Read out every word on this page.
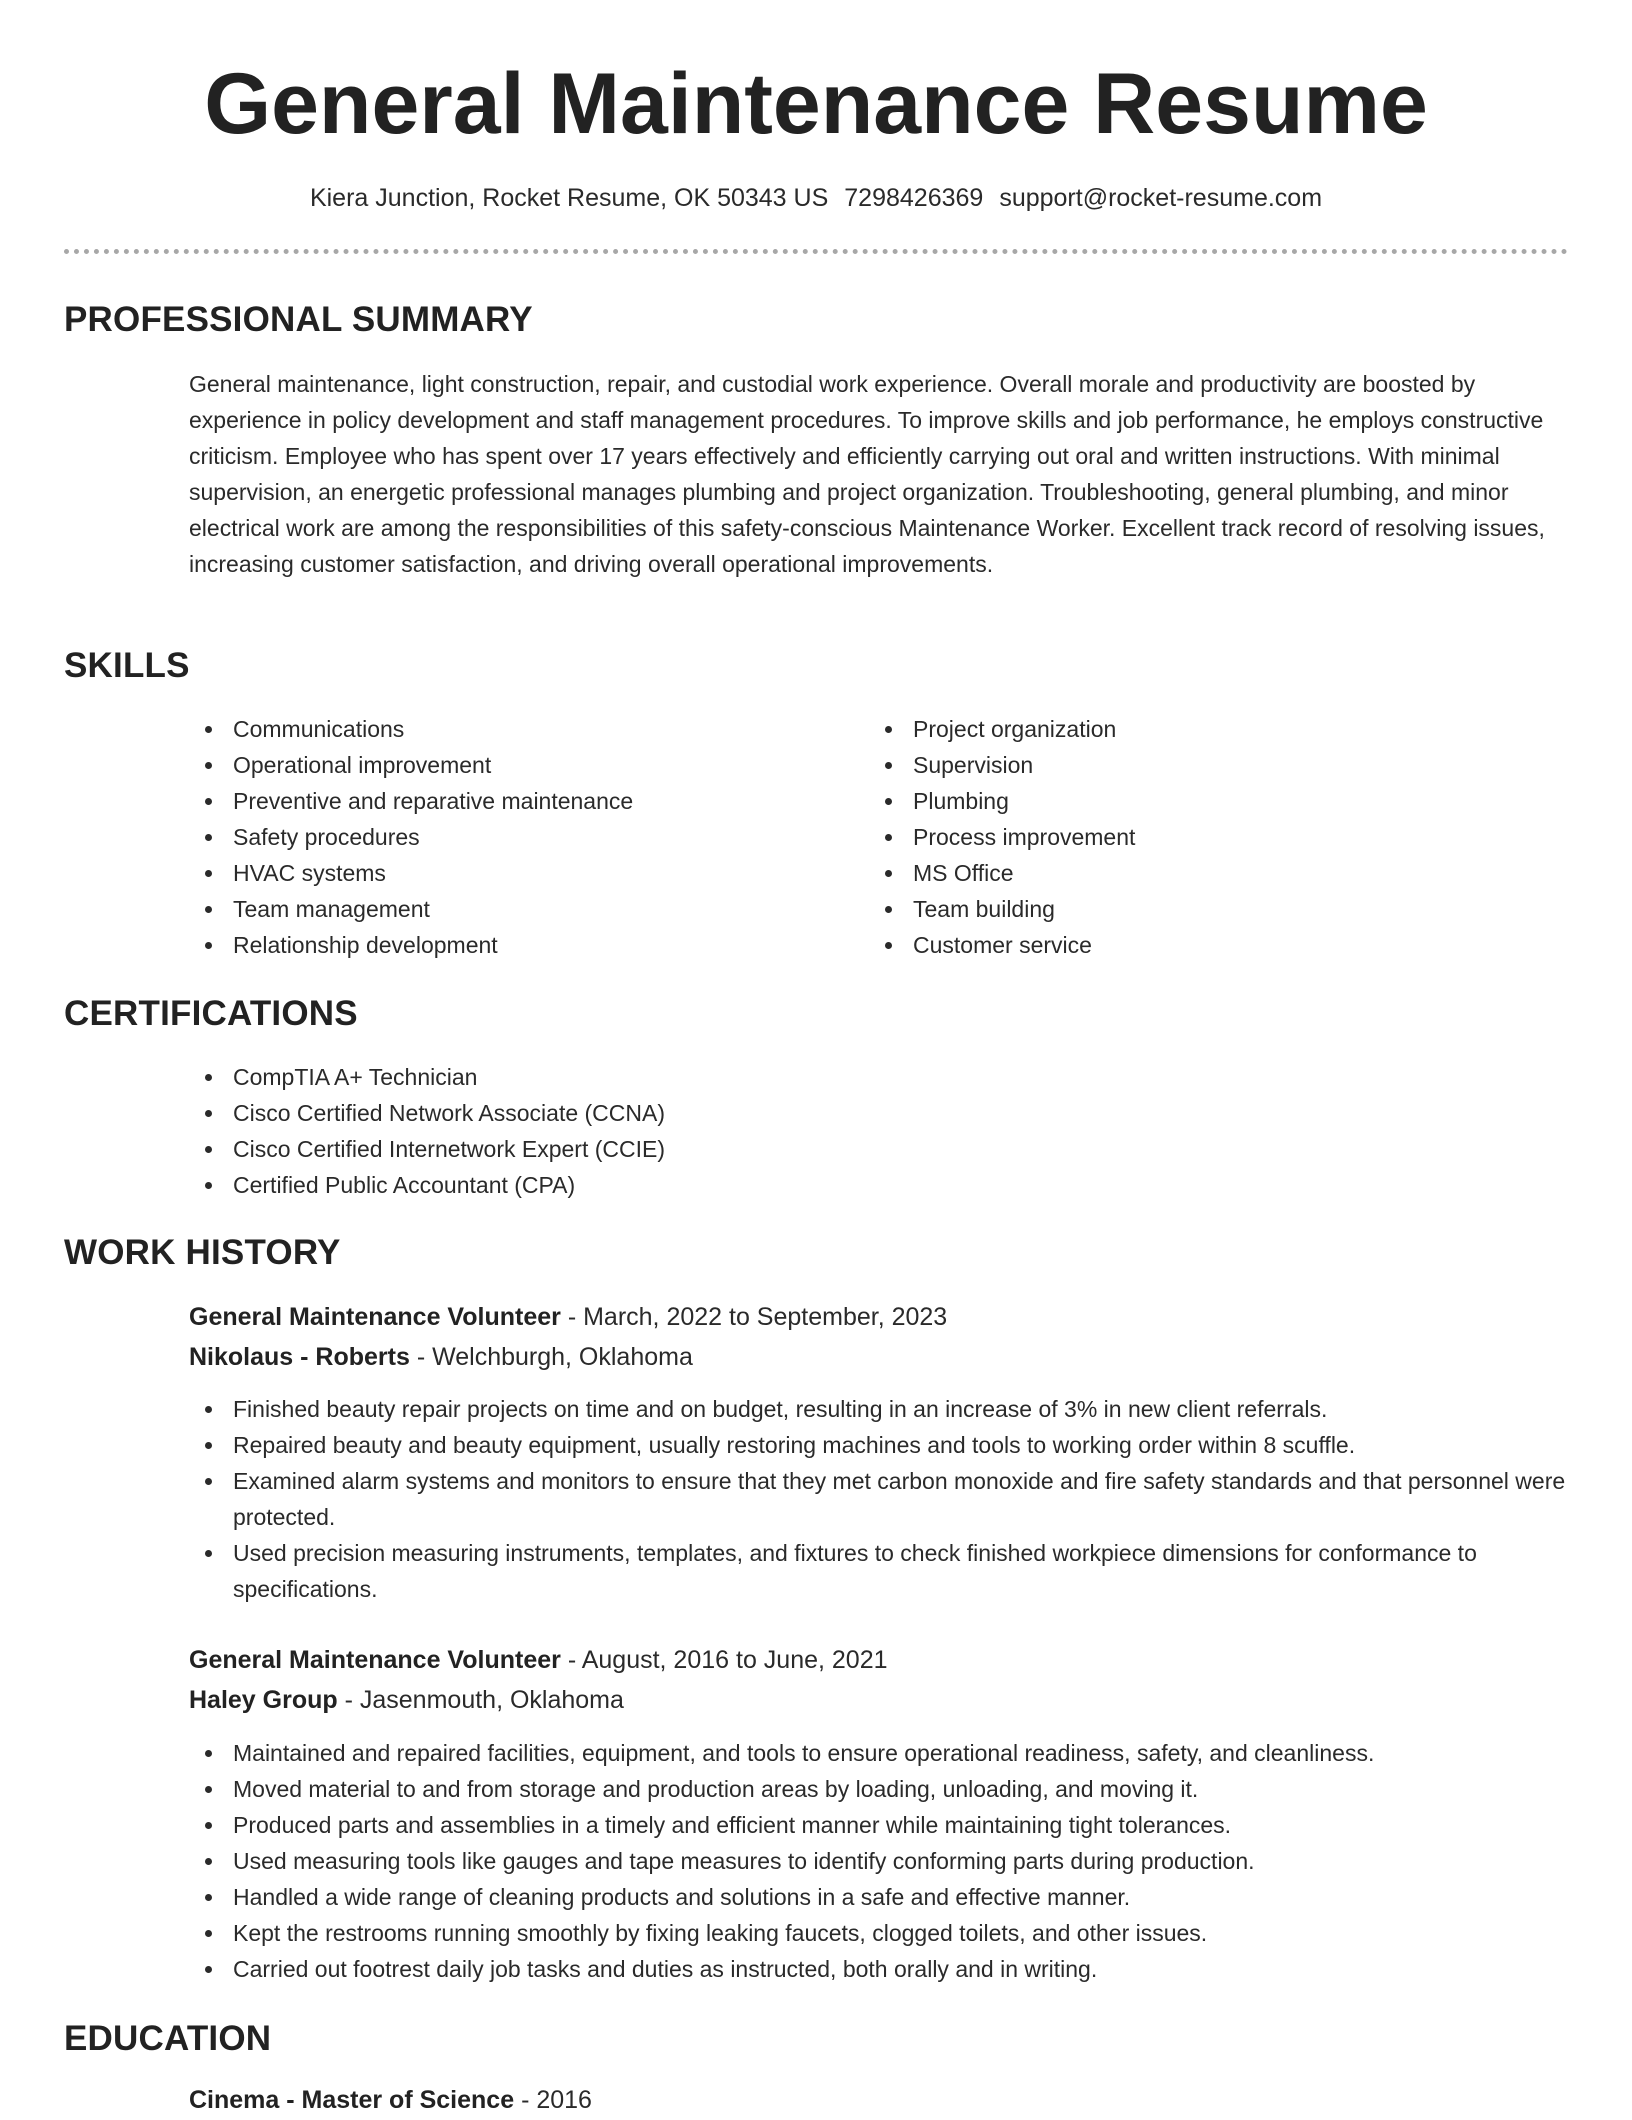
General Maintenance Resume
Kiera Junction, Rocket Resume, OK 50343 US 7298426369 support@rocket-resume.com
PROFESSIONAL SUMMARY

General maintenance, light construction, repair, and custodial work experience. Overall morale and productivity are boosted by experience in policy development and staff management procedures. To improve skills and job performance, he employs constructive criticism. Employee who has spent over 17 years effectively and efficiently carrying out oral and written instructions. With minimal supervision, an energetic professional manages plumbing and project organization. Troubleshooting, general plumbing, and minor electrical work are among the responsibilities of this safety-conscious Maintenance Worker. Excellent track record of resolving issues, increasing customer satisfaction, and driving overall operational improvements.

SKILLS
Communications
Operational improvement
Preventive and reparative maintenance
Safety procedures
HVAC systems
Team management
Relationship development
Project organization
Supervision
Plumbing
Process improvement
MS Office
Team building
Customer service
CERTIFICATIONS
CompTIA A+ Technician
Cisco Certified Network Associate (CCNA)
Cisco Certified Internetwork Expert (CCIE)
Certified Public Accountant (CPA)
WORK HISTORY
General Maintenance Volunteer - March, 2022 to September, 2023
Nikolaus - Roberts - Welchburgh, Oklahoma
Finished beauty repair projects on time and on budget, resulting in an increase of 3% in new client referrals.
Repaired beauty and beauty equipment, usually restoring machines and tools to working order within 8 scuffle.
Examined alarm systems and monitors to ensure that they met carbon monoxide and fire safety standards and that personnel were protected.
Used precision measuring instruments, templates, and fixtures to check finished workpiece dimensions for conformance to specifications.
General Maintenance Volunteer - August, 2016 to June, 2021
Haley Group - Jasenmouth, Oklahoma
Maintained and repaired facilities, equipment, and tools to ensure operational readiness, safety, and cleanliness.
Moved material to and from storage and production areas by loading, unloading, and moving it.
Produced parts and assemblies in a timely and efficient manner while maintaining tight tolerances.
Used measuring tools like gauges and tape measures to identify conforming parts during production.
Handled a wide range of cleaning products and solutions in a safe and effective manner.
Kept the restrooms running smoothly by fixing leaking faucets, clogged toilets, and other issues.
Carried out footrest daily job tasks and duties as instructed, both orally and in writing.
EDUCATION
Cinema - Master of Science - 2016
